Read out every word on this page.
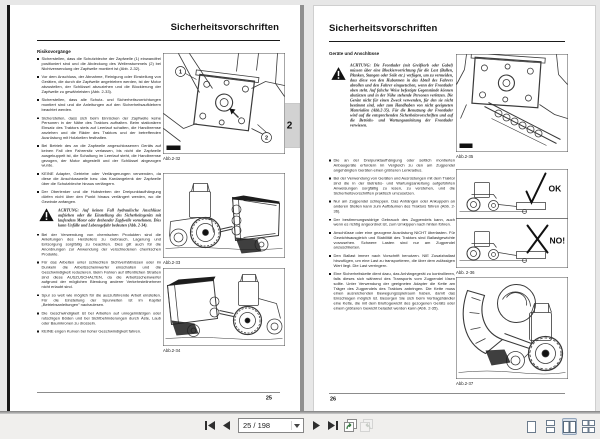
Sicherheitsvorschriften
2
Risikovorgänge
Sicherstellen, dass die Schutzbleche der Zapfwelle (1) einwandfrei positioniert sind und die Abdeckung des Wellenstummels (2) bei Nichtverwendung der Zapfwelle montiert ist (Abb. 2-32).
Vor dem Anschluss, der Abnahme, Reinigung oder Einstellung von Geräten, die durch die Zapfwelle angetrieben werden, ist der Motor abzustellen, der Schlüssel abzuziehen und die Blockierung der Zapfwelle zu gewährleisten (Abb. 2-33).
Sicherstellen, dass alle Schutz- und Sicherheitsvorrichtungen montiert sind und die Anleitungen auf den Sicherheitsaufklebern beachtet werden.
Sicherstellen, dass sich beim Einrücken der Zapfwelle keine Personen in der Nähe des Traktors aufhalten. Beim stationären Einsatz des Traktors stets auf Leerlauf schalten, die Handbremse anziehen und die Räder des Traktors und der betreffenden Ausrüstung mit Holzkeilen festhalten.
Bei Betrieb des an die Zapfwelle angeschlossenen Geräts auf keinen Fall den Fahrersitz verlassen, bis nicht die Zapfwelle ausgekuppelt ist, die Schaltung im Leerlauf steht, die Handbremse gezogen, der Motor abgestellt und der Schlüssel abgezogen wurde.
KEINE Adapter, Getriebe oder Verlängerungen verwenden, da diese die Anschlusswelle bzw. das Kardangelenk der Zapfwelle über die Schutzbleche hinaus verlängern.
Der Oberlenker und die Hubstreben der Dreipunktaufhängung dürfen nicht über den Punkt hinaus verlängert werden, wo die Gewinde anfangen.
ACHTUNG: Auf keinen Fall hydraulische Anschlüsse aufziehen oder die Einstellung des Sicherheitsgeräts mit laufendem Motor oder drehender Zapfwelle vornehmen. Dies kann Unfälle und Lebensgefahr bedeuten (Abb. 2-34).
Bei der Verwendung von chemischen Produkten sind die Anleitungen des Herstellers zu Gebrauch, Lagerung und Entsorgung sorgfältig zu beachten. Dies gilt auch für die Anordnungen zur Anwendung der verschiedenen chemischen Produkte.
Für das Arbeiten unter schlechten Sichtverhältnissen oder im Dunkeln die Arbeitsscheinwerfer einschalten und die Geschwindigkeit reduzieren. Beim Fahren auf öffentlichen Straßen sind diese AUSZUSCHALTEN, da die Arbeitsscheinwerfer aufgrund der möglichen Blendung anderer Verkehrsteilnehmer nicht erlaubt sind.
Spur so weit wie möglich für die auszuführende Arbeit einstellen. Für die Einstellung der Spurweiten ist im Kapitel „Betriebsanleitungen” nachzulesen.
Die Geschwindigkeit ist bei Arbeiten auf unregelmäßigen oder rutschigen Böden und bei Sichtbehinderungen durch Äste, Laub oder Baumkronen zu drosseln.
KEINE engen Kurven bei hoher Geschwindigkeit fahren.
1
2
Abb.2-32
Abb.2-33
Abb.2-34
25
Sicherheitsvorschriften
Geräte und Anschlüsse
ACHTUNG: Die Frontlader (mit Greifkorb oder Gabel) müssen über eine Blockiervorrichtung für die Last (Ballen, Planken, Stangen oder Seile etc.) verfügen, um zu vermeiden, dass diese von den Hubarmen in das Abteil des Fahrers abrollen und den Fahrer einquetschen, wenn der Frontlader oben steht. Auf falsche Weise befestigte Gegenstände können abstürzen und in der Nähe stehende Personen verletzen. Die Geräte nicht für einen Zweck verwenden, für den sie nicht bestimmt sind, oder zum Handhaben von nicht geeigneten Materialien (Abb.2-35). Für die Benutzung der Frontlader wird auf die entsprechenden Sicherheitsvorschriften und auf die Betriebs- und Wartungsanleitung der Frontlader verwiesen.
Die an der Dreipunktaufhängung oder seitlich montierten Anbaugeräte erfordern im Vergleich zu den am Zugpendel angehängten Geräten einen größeren Lenkradius.
Bei der Verwendung von Geräten und Ausrüstungen mit dem Traktor sind die in der Betriebs- und Wartungsanleitung aufgeführten Anweisungen sorgfältig zu lesen, zu verstehen, und die Sicherheitsvorschriften praktisch umzusetzen.
Nur am Zugpendel schleppen. Das Anhängen oder Ankuppeln an anderen Stellen kann zum Aufbäumen des Traktors führen (Abb. 2-36).
Der bestimmungswidrige Gebrauch des Zugpendels kann, auch wenn es richtig angeordnet ist, zum Umkippen nach hinten führen.
Anschlüsse oder eine gezogene Ausrüstung NICHT überlasten. Für Gewichtsausgleich und Stabilität des Traktors sind Ballastgewichte vorzusehen. Schwere Lasten sind nur am Zugpendel anzuschließen.
Den Ballast immer nach Vorschrift benutzen. NIE Zusatzballast hinzufügen, um eine Last zu transportieren, die über dem zulässigen Wert liegt. Die Last verringern.
Eine Sicherheitskette dient dazu, das Anhängegerät zu kontrollieren, falls dieses sich während des Transports vom Zugpendel lösen sollte. Unter Verwendung der geeigneten Adapter die Kette am Träger des Zugpendels des Traktors anbringen. Die Kette muss einen ausreichenden Bewegungsspielraum haben, damit das Einschlagen möglich ist. Besorgen Sie sich beim Vertragshändler eine Kette, die mit dem Bruttogewicht des gezogenen Geräts oder einem größeren Gewicht belastet werden kann (Abb. 2-35).
Abb.2-35
OK
NO!
Abb. 2-36
Abb.2-37
26
25 / 198
